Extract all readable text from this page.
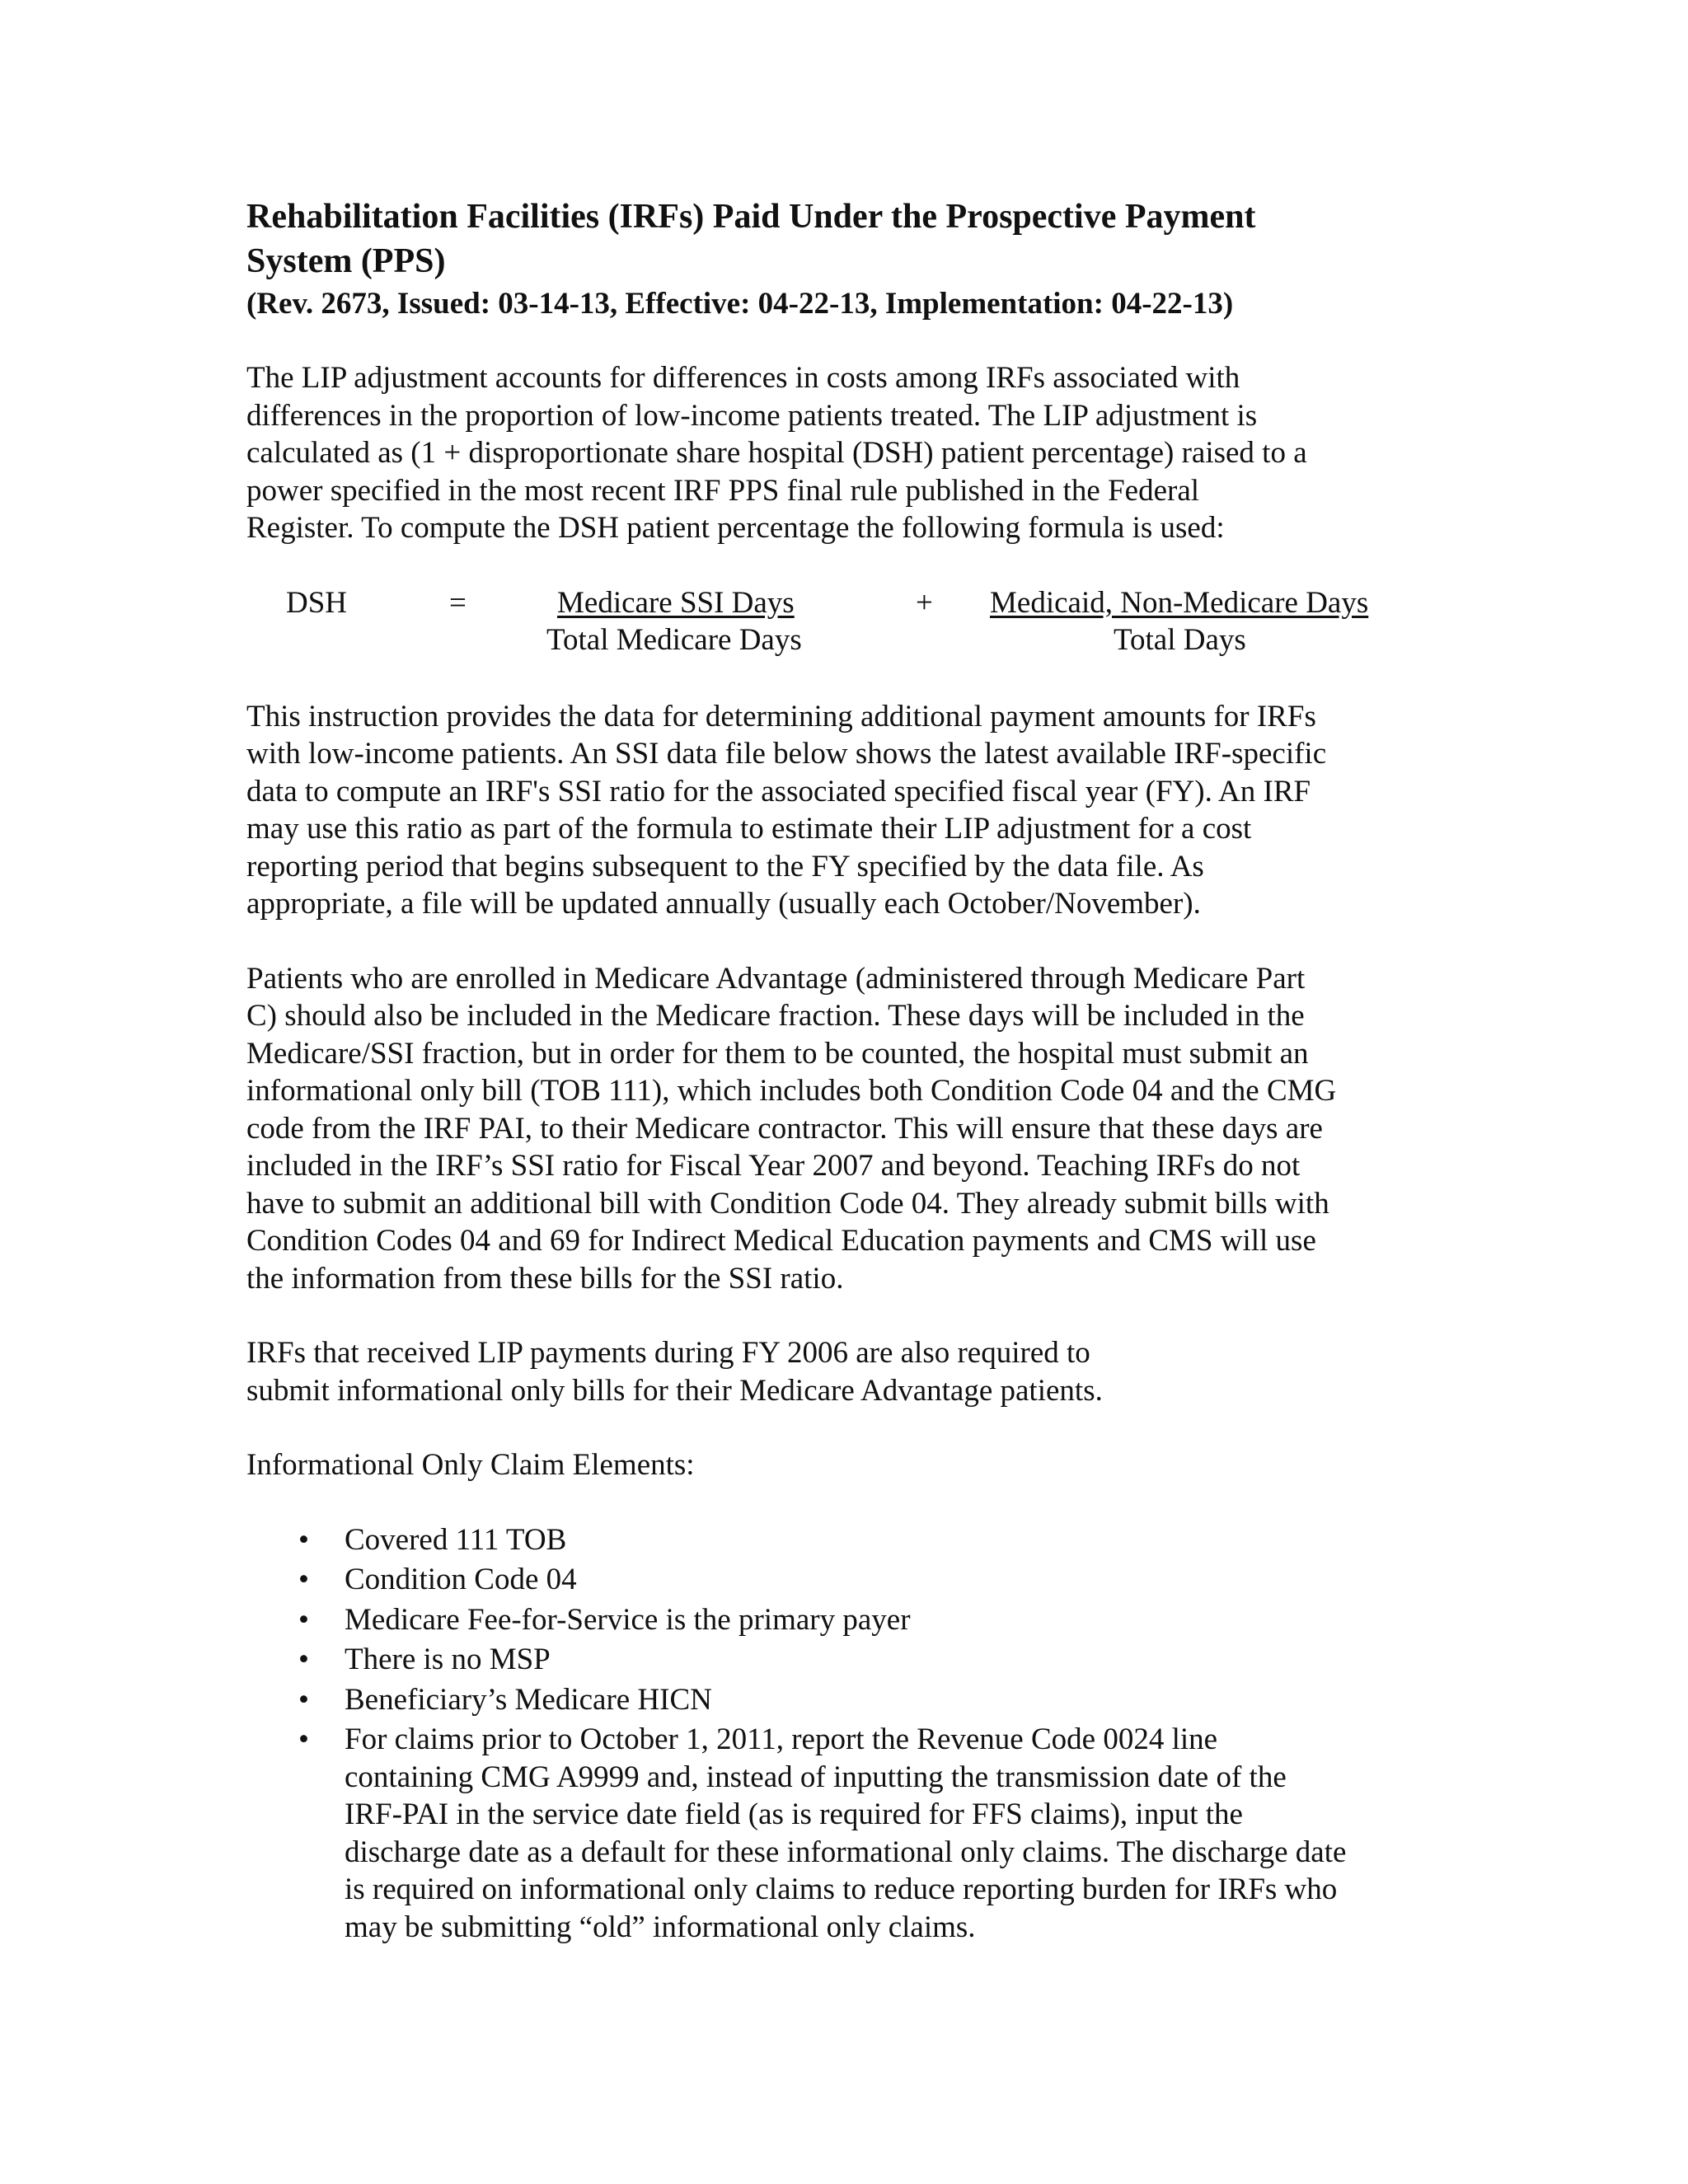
Rehabilitation Facilities (IRFs) Paid Under the Prospective Payment
System (PPS)

(Rev. 2673, Issued: 03-14-13, Effective: 04-22-13, Implementation: 04-22-13)

The LIP adjustment accounts for differences in costs among IRFs associated with
differences in the proportion of low-income patients treated. The LIP adjustment is
calculated as (1 + disproportionate share hospital (DSH) patient percentage) raised to a
power specified in the most recent IRF PPS final rule published in the Federal
Register. To compute the DSH patient percentage the following formula is used:

DSH	=	Medicare SSI Days
Total Medicare Days
+ Medicaid, Non-Medicare Days
Total Days

This instruction provides the data for determining additional payment amounts for IRFs
with low-income patients. An SSI data file below shows the latest available IRF-specific
data to compute an IRF's SSI ratio for the associated specified fiscal year (FY). An IRF
may use this ratio as part of the formula to estimate their LIP adjustment for a cost
reporting period that begins subsequent to the FY specified by the data file. As
appropriate, a file will be updated annually (usually each October/November).

Patients who are enrolled in Medicare Advantage (administered through Medicare Part
C) should also be included in the Medicare fraction. These days will be included in the
Medicare/SSI fraction, but in order for them to be counted, the hospital must submit an
informational only bill (TOB 111), which includes both Condition Code 04 and the CMG
code from the IRF PAI, to their Medicare contractor. This will ensure that these days are
included in the IRF’s SSI ratio for Fiscal Year 2007 and beyond. Teaching IRFs do not
have to submit an additional bill with Condition Code 04. They already submit bills with
Condition Codes 04 and 69 for Indirect Medical Education payments and CMS will use
the information from these bills for the SSI ratio.

IRFs that received LIP payments during FY 2006 are also required to
submit informational only bills for their Medicare Advantage patients.

Informational Only Claim Elements:

• Covered 111 TOB
• Condition Code 04
• Medicare Fee-for-Service is the primary payer
• There is no MSP
• Beneficiary’s Medicare HICN
• For claims prior to October 1, 2011, report the Revenue Code 0024 line
containing CMG A9999 and, instead of inputting the transmission date of the
IRF-PAI in the service date field (as is required for FFS claims), input the
discharge date as a default for these informational only claims. The discharge date
is required on informational only claims to reduce reporting burden for IRFs who
may be submitting “old” informational only claims.
